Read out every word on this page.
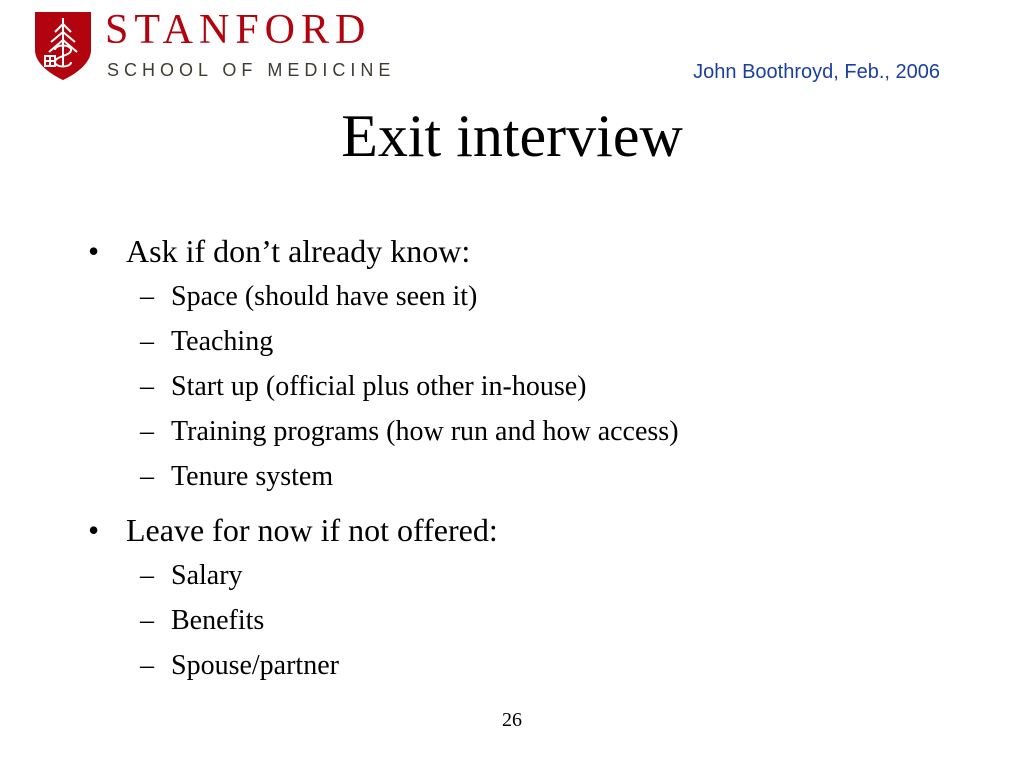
STANFORD
SCHOOL OF MEDICINE	John Boothroyd, Feb., 2006
Exit interview
• Ask if don’t already know:
– Space (should have seen it)
– Teaching
– Start up (official plus other in-house)
– Training programs (how run and how access)
– Tenure system
• Leave for now if not offered:
– Salary
– Benefits
– Spouse/partner
26
